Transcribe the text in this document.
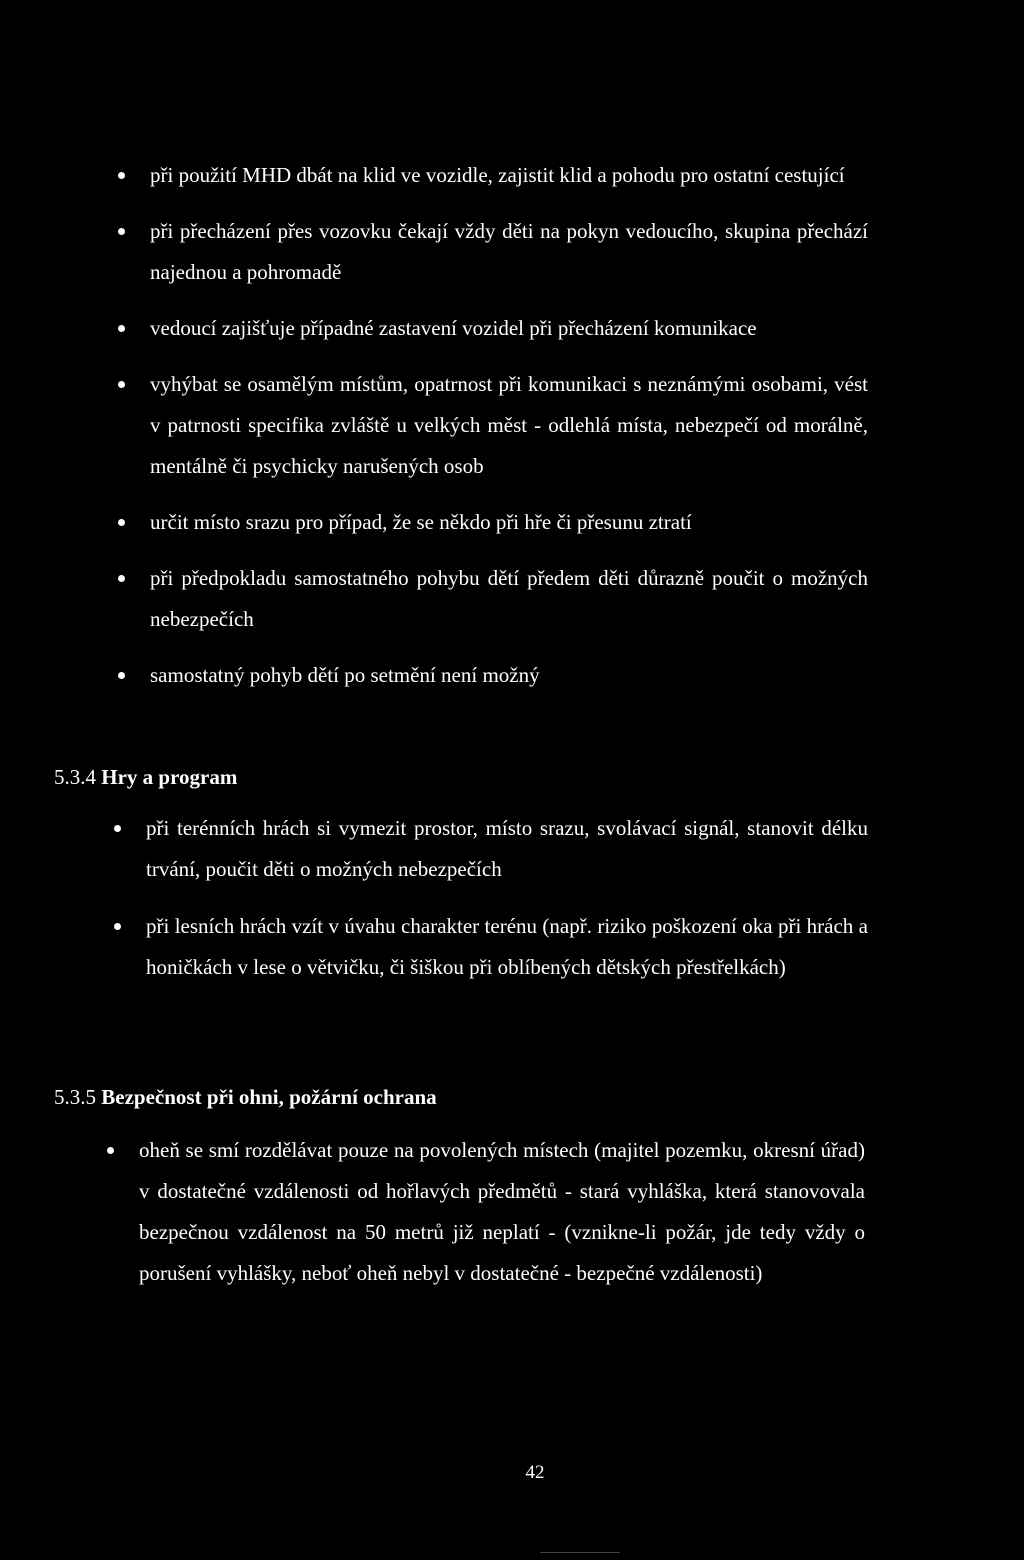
při použití MHD dbát na klid ve vozidle, zajistit klid a pohodu pro ostatní cestující
při přecházení přes vozovku čekají vždy děti na pokyn vedoucího, skupina přechází najednou a pohromadě
vedoucí zajišťuje případné zastavení vozidel při přecházení komunikace
vyhýbat se osamělým místům, opatrnost při komunikaci s neznámými osobami, vést v patrnosti specifika zvláště u velkých měst - odlehlá místa, nebezpečí od morálně, mentálně či psychicky narušených osob
určit místo srazu pro případ, že se někdo při hře či přesunu ztratí
při předpokladu samostatného pohybu dětí předem děti důrazně poučit o možných nebezpečích
samostatný pohyb dětí po setmění není možný
5.3.4 Hry a program
při terénních hrách si vymezit prostor, místo srazu, svolávací signál, stanovit délku trvání, poučit děti o možných nebezpečích
při lesních hrách vzít v úvahu charakter terénu (např. riziko poškození oka při hrách a honičkách v lese o větvičku, či šiškou při oblíbených dětských přestřelkách)
5.3.5 Bezpečnost při ohni, požární ochrana
oheň se smí rozdělávat pouze na povolených místech (majitel pozemku, okresní úřad) v dostatečné vzdálenosti od hořlavých předmětů - stará vyhláška, která stanovovala bezpečnou vzdálenost na 50 metrů již neplatí - (vznikne-li požár, jde tedy vždy o porušení vyhlášky, neboť oheň nebyl v dostatečné - bezpečné vzdálenosti)
42
